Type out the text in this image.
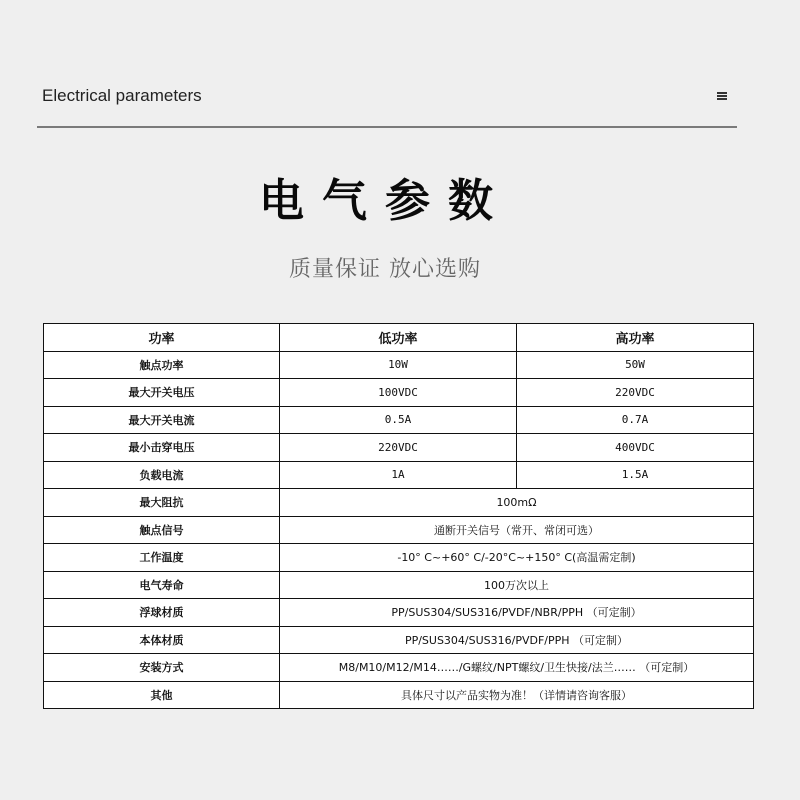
Electrical parameters
电气参数
质量保证 放心选购
功率	低功率	高功率
触点功率	10W	50W
最大开关电压	100VDC	220VDC
最大开关电流	0.5A	0.7A
最小击穿电压	220VDC	400VDC
负载电流	1A	1.5A
最大阻抗	100mΩ	
触点信号	通断开关信号（常开、常闭可选）	
工作温度	-10° C~+60° C/-20°C~+150° C(高温需定制)	
电气寿命	100万次以上	
浮球材质	PP/SUS304/SUS316/PVDF/NBR/PPH （可定制）	
本体材质	PP/SUS304/SUS316/PVDF/PPH （可定制）	
安装方式	M8/M10/M12/M14……/G螺纹/NPT螺纹/卫生快接/法兰…… （可定制）	
其他	具体尺寸以产品实物为准！（详情请咨询客服）	
